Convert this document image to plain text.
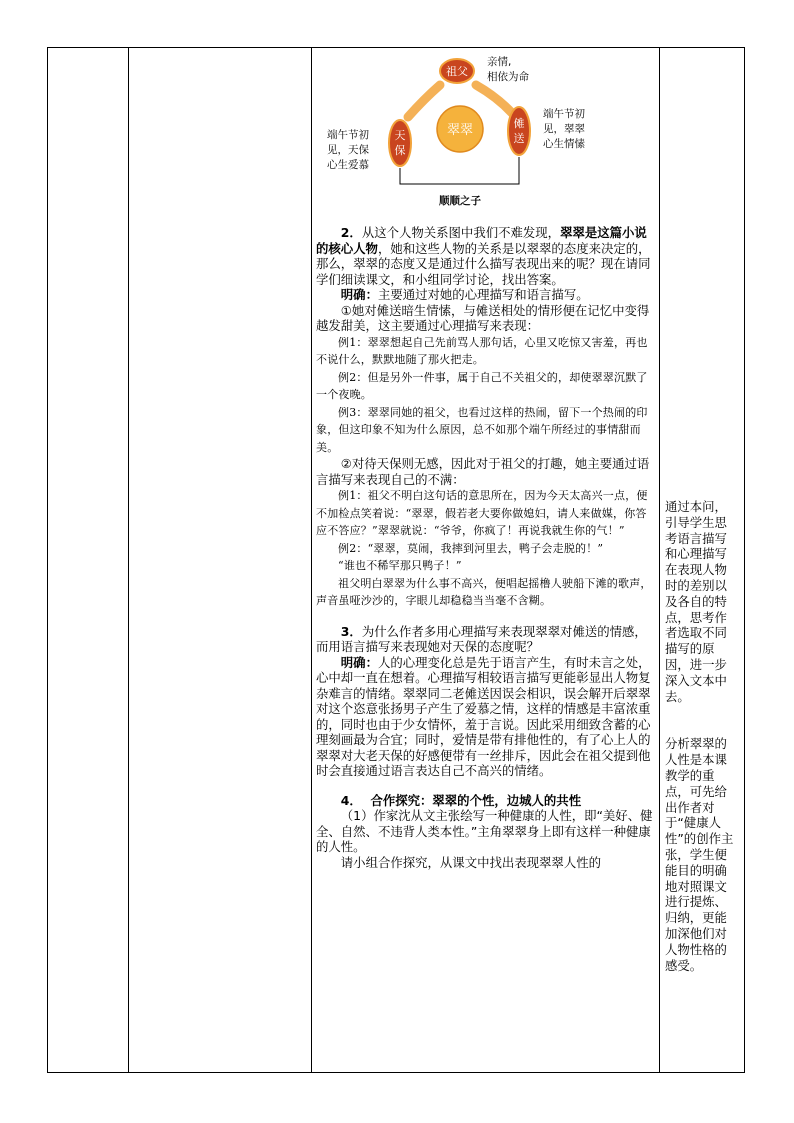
祖父
亲情,
相依为命
翠翠
天
保
端午节初
见，天保
心生爱慕
傩
送
端午节初
见，翠翠
心生情愫
顺顺之子

2．从这个人物关系图中我们不难发现，翠翠是这篇小说的核心人物，她和这些人物的关系是以翠翠的态度来决定的，那么，翠翠的态度又是通过什么描写表现出来的呢？现在请同学们细读课文，和小组同学讨论，找出答案。

明确：主要通过对她的心理描写和语言描写。

①她对傩送暗生情愫，与傩送相处的情形便在记忆中变得越发甜美，这主要通过心理描写来表现：

例1：翠翠想起自己先前骂人那句话，心里又吃惊又害羞，再也不说什么，默默地随了那火把走。

例2：但是另外一件事，属于自己不关祖父的，却使翠翠沉默了一个夜晚。

例3：翠翠同她的祖父，也看过这样的热闹，留下一个热闹的印象，但这印象不知为什么原因，总不如那个端午所经过的事情甜而美。

②对待天保则无感，因此对于祖父的打趣，她主要通过语言描写来表现自己的不满：

例1：祖父不明白这句话的意思所在，因为今天太高兴一点，便不加检点笑着说：“翠翠，假若老大要你做媳妇，请人来做媒，你答应不答应？”翠翠就说：“爷爷，你疯了！再说我就生你的气！”

例2：“翠翠，莫闹，我摔到河里去，鸭子会走脱的！”

“谁也不稀罕那只鸭子！”

祖父明白翠翠为什么事不高兴，便唱起摇橹人驶船下滩的歌声，声音虽哑沙沙的，字眼儿却稳稳当当毫不含糊。

3．为什么作者多用心理描写来表现翠翠对傩送的情感，而用语言描写来表现她对天保的态度呢？

明确：人的心理变化总是先于语言产生，有时未言之处，心中却一直在想着。心理描写相较语言描写更能彰显出人物复杂难言的情绪。翠翠同二老傩送因误会相识，误会解开后翠翠对这个恣意张扬男子产生了爱慕之情，这样的情感是丰富浓重的，同时也由于少女情怀，羞于言说。因此采用细致含蓄的心理刻画最为合宜；同时，爱情是带有排他性的，有了心上人的翠翠对大老天保的好感便带有一丝排斥，因此会在祖父提到他时会直接通过语言表达自己不高兴的情绪。

4． 合作探究：翠翠的个性，边城人的共性

（1）作家沈从文主张绘写一种健康的人性，即“美好、健全、自然、不违背人类本性。”主角翠翠身上即有这样一种健康的人性。

请小组合作探究，从课文中找出表现翠翠人性的

通过本问，引导学生思考语言描写和心理描写在表现人物时的差别以及各自的特点，思考作者选取不同描写的原因，进一步深入文本中去。

分析翠翠的人性是本课教学的重点，可先给出作者对于“健康人性”的创作主张，学生便能目的明确地对照课文进行提炼、归纳，更能加深他们对人物性格的感受。
